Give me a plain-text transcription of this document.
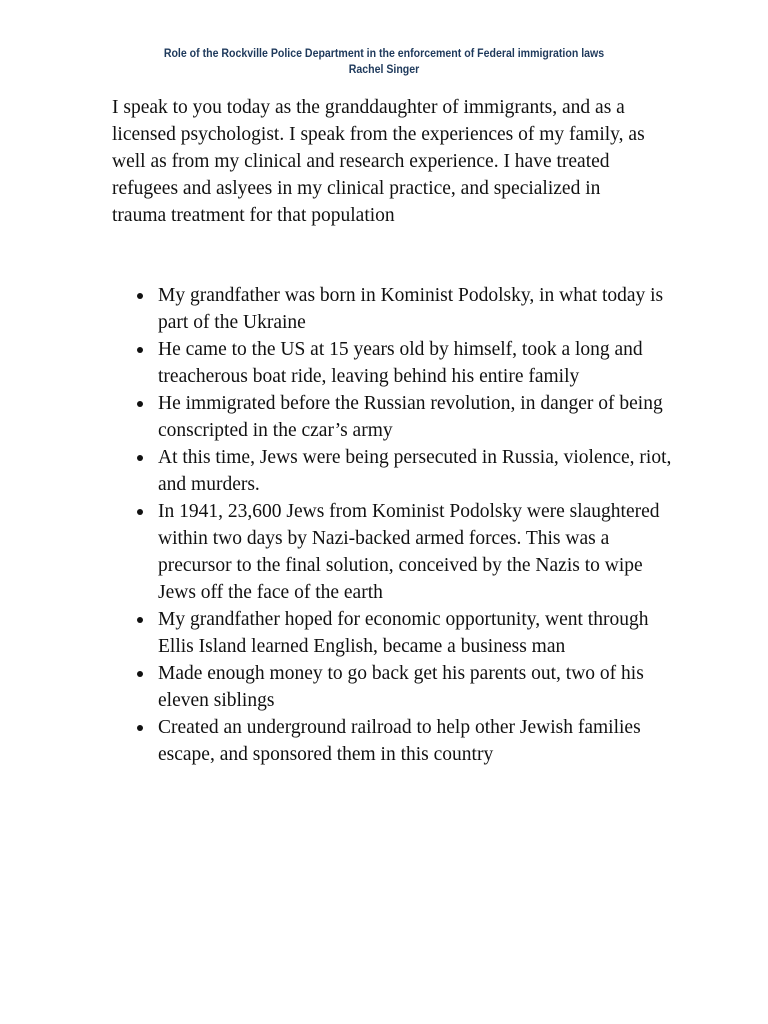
Role of the Rockville Police Department in the enforcement of Federal immigration laws
Rachel Singer

I speak to you today as the granddaughter of immigrants, and as a licensed psychologist. I speak from the experiences of my family, as well as from my clinical and research experience. I have treated refugees and aslyees in my clinical practice, and specialized in trauma treatment for that population

My grandfather was born in Kominist Podolsky, in what today is part of the Ukraine
He came to the US at 15 years old by himself, took a long and treacherous boat ride, leaving behind his entire family
He immigrated before the Russian revolution, in danger of being conscripted in the czar’s army
At this time, Jews were being persecuted in Russia, violence, riot, and murders.
In 1941, 23,600 Jews from Kominist Podolsky were slaughtered within two days by Nazi-backed armed forces. This was a precursor to the final solution, conceived by the Nazis to wipe Jews off the face of the earth
My grandfather hoped for economic opportunity, went through Ellis Island learned English, became a business man
Made enough money to go back get his parents out, two of his eleven siblings
Created an underground railroad to help other Jewish families escape, and sponsored them in this country
